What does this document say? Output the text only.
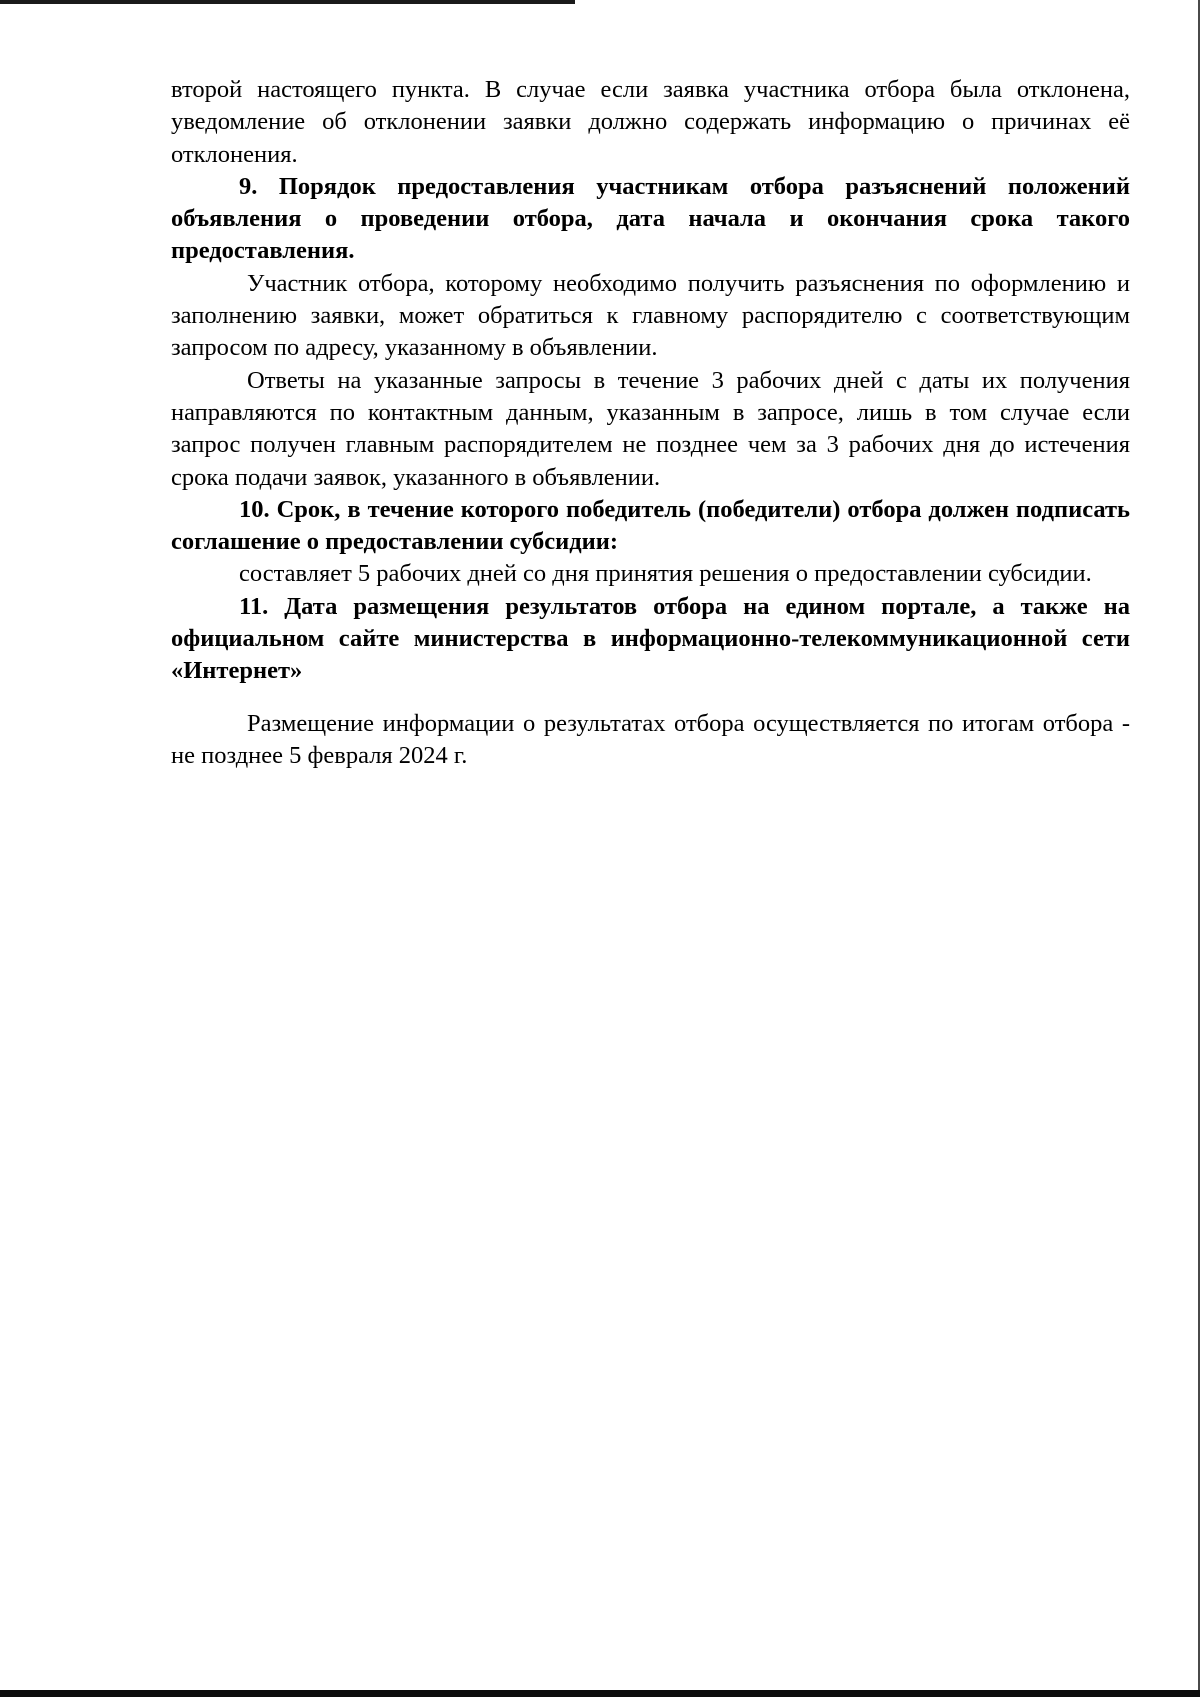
второй настоящего пункта. В случае если заявка участника отбора была отклонена, уведомление об отклонении заявки должно содержать информацию о причинах её отклонения.

9. Порядок предоставления участникам отбора разъяснений положений объявления о проведении отбора, дата начала и окончания срока такого предоставления.

Участник отбора, которому необходимо получить разъяснения по оформлению и заполнению заявки, может обратиться к главному распорядителю с соответствующим запросом по адресу, указанному в объявлении.

Ответы на указанные запросы в течение 3 рабочих дней с даты их получения направляются по контактным данным, указанным в запросе, лишь в том случае если запрос получен главным распорядителем не позднее чем за 3 рабочих дня до истечения срока подачи заявок, указанного в объявлении.

10. Срок, в течение которого победитель (победители) отбора должен подписать соглашение о предоставлении субсидии:

составляет 5 рабочих дней со дня принятия решения о предоставлении субсидии.

11. Дата размещения результатов отбора на едином портале, а также на официальном сайте министерства в информационно-телекоммуникационной сети «Интернет»

Размещение информации о результатах отбора осуществляется по итогам отбора - не позднее 5 февраля 2024 г.
